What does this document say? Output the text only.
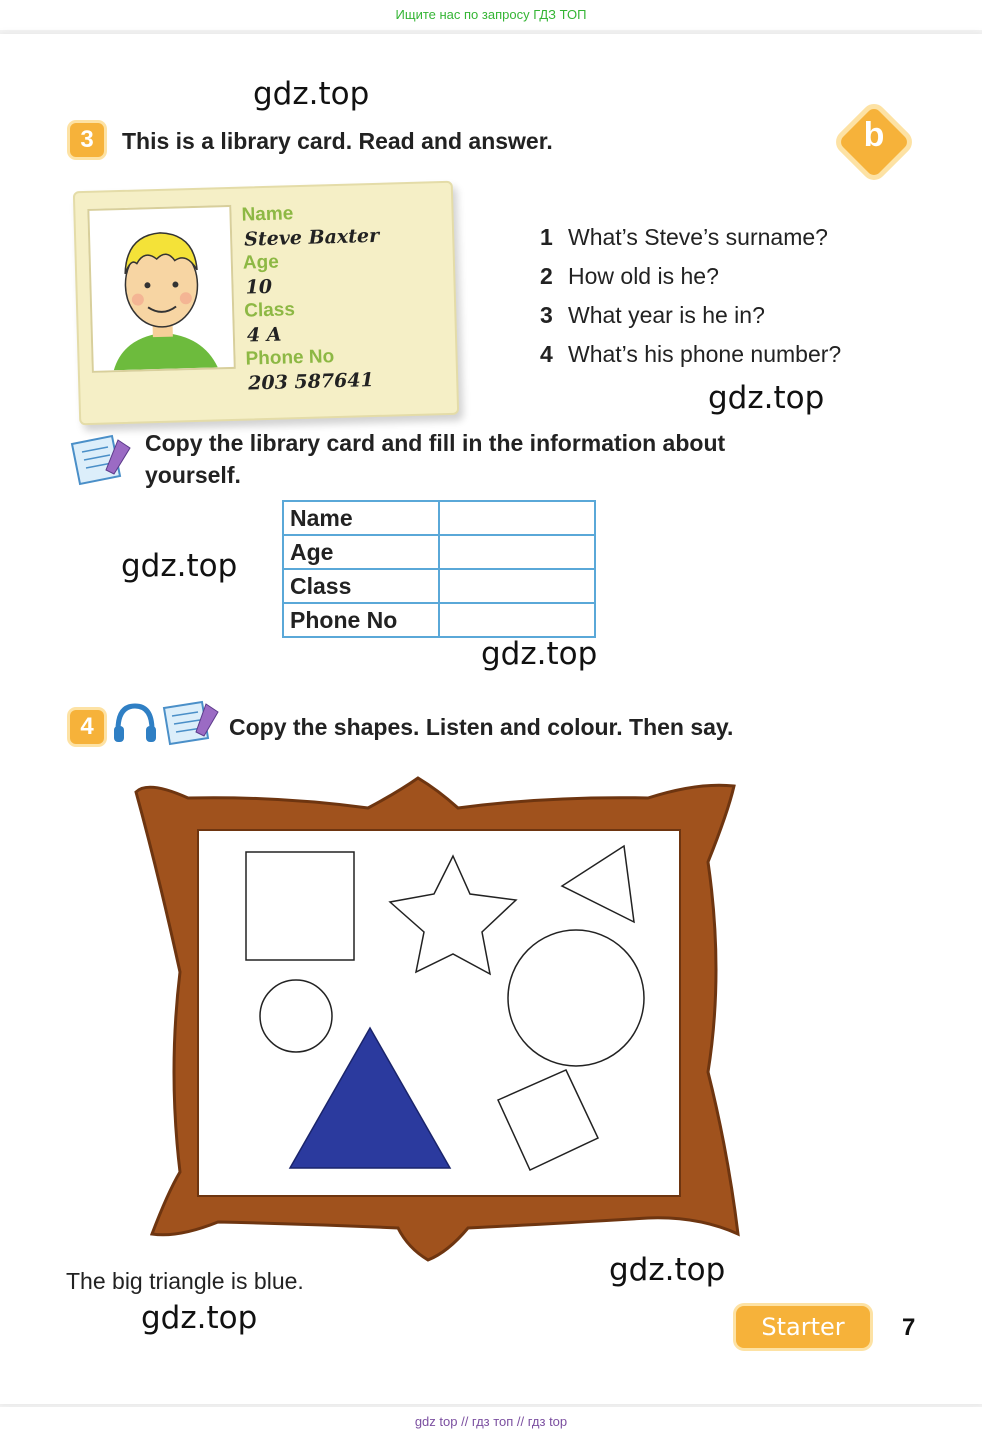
Ищите нас по запросу ГДЗ ТОП
gdz.top
gdz.top
gdz.top
gdz.top
gdz.top
gdz.top
b
3	This is a library card. Read and answer.
Name
Steve Baxter
Age
10
Class
4 A
Phone No
203 587641
1 What’s Steve’s surname?
2 How old is he?
3 What year is he in?
4 What’s his phone number?
Copy the library card and fill in the information about
yourself.
Name	
Age	
Class	
Phone No	
4	Copy the shapes. Listen and colour. Then say.
The big triangle is blue.
Starter Unit
7
gdz top // гдз топ // гдз top
